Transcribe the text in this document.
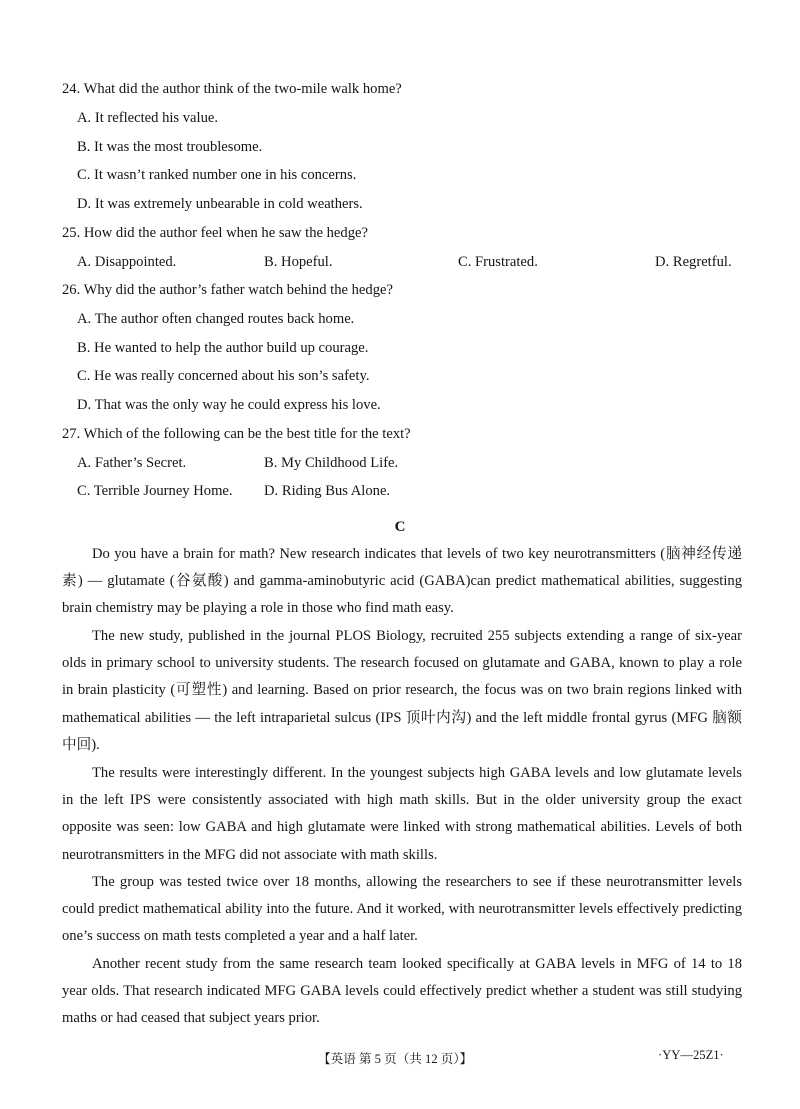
24. What did the author think of the two-mile walk home?
A. It reflected his value.
B. It was the most troublesome.
C. It wasn’t ranked number one in his concerns.
D. It was extremely unbearable in cold weathers.
25. How did the author feel when he saw the hedge?
A. Disappointed.	B. Hopeful.	C. Frustrated.	D. Regretful.
26. Why did the author’s father watch behind the hedge?
A. The author often changed routes back home.
B. He wanted to help the author build up courage.
C. He was really concerned about his son’s safety.
D. That was the only way he could express his love.
27. Which of the following can be the best title for the text?
A. Father’s Secret.	B. My Childhood Life.
C. Terrible Journey Home. D. Riding Bus Alone.
C
Do you have a brain for math? New research indicates that levels of two key neurotransmitters (脑神经传递素) — glutamate (谷氨酸) and gamma-aminobutyric acid (GABA)can predict mathematical abilities, suggesting brain chemistry may be playing a role in those who find math easy.
The new study, published in the journal PLOS Biology, recruited 255 subjects extending a range of six-year olds in primary school to university students. The research focused on glutamate and GABA, known to play a role in brain plasticity (可塑性) and learning. Based on prior research, the focus was on two brain regions linked with mathematical abilities — the left intraparietal sulcus (IPS 顶叶内沟) and the left middle frontal gyrus (MFG 脑额中回).
The results were interestingly different. In the youngest subjects high GABA levels and low glutamate levels in the left IPS were consistently associated with high math skills. But in the older university group the exact opposite was seen: low GABA and high glutamate were linked with strong mathematical abilities. Levels of both neurotransmitters in the MFG did not associate with math skills.
The group was tested twice over 18 months, allowing the researchers to see if these neurotransmitter levels could predict mathematical ability into the future. And it worked, with neurotransmitter levels effectively predicting one’s success on math tests completed a year and a half later.
Another recent study from the same research team looked specifically at GABA levels in MFG of 14 to 18 year olds. That research indicated MFG GABA levels could effectively predict whether a student was still studying maths or had ceased that subject years prior.
【英语 第 5 页（共 12 页）】	·YY—25Z1·
